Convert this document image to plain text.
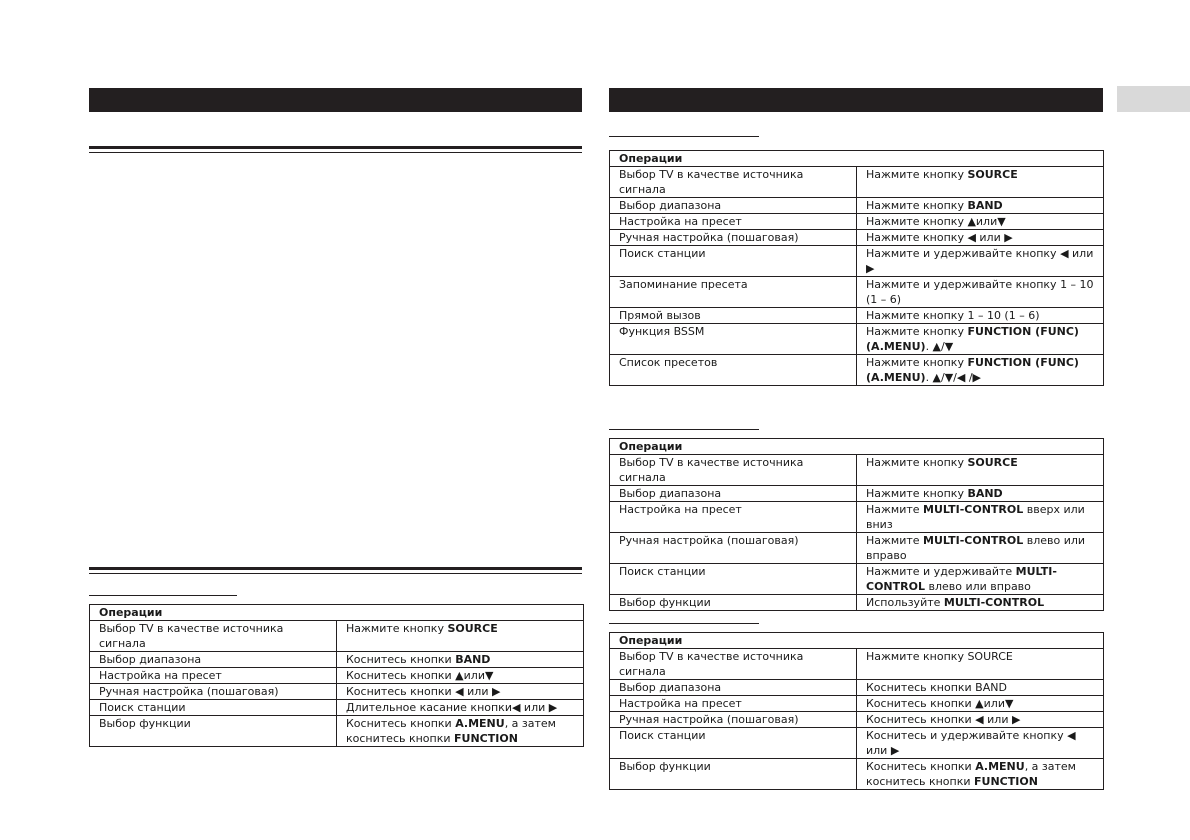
Операции	
Выбор TV в качестве источника сигнала	Нажмите кнопку SOURCE
Выбор диапазона	Коснитесь кнопки BAND
Настройка на пресет	Коснитесь кнопки ▲или▼
Ручная настройка (пошаговая)	Коснитесь кнопки ◀ или ▶
Поиск станции	Длительное касание кнопки◀ или ▶
Выбор функции	Коснитесь кнопки A.MENU, а затем коснитесь кнопки FUNCTION
Операции	
Выбор TV в качестве источника сигнала	Нажмите кнопку SOURCE
Выбор диапазона	Нажмите кнопку BAND
Настройка на пресет	Нажмите кнопку ▲или▼
Ручная настройка (пошаговая)	Нажмите кнопку ◀ или ▶
Поиск станции	Нажмите и удерживайте кнопку ◀ или ▶
Запоминание пресета	Нажмите и удерживайте кнопку 1 – 10 (1 – 6)
Прямой вызов	Нажмите кнопку 1 – 10 (1 – 6)
Функция BSSM	Нажмите кнопку FUNCTION (FUNC) (A.MENU). ▲/▼
Список пресетов	Нажмите кнопку FUNCTION (FUNC) (A.MENU). ▲/▼/◀ /▶
Операции	
Выбор TV в качестве источника сигнала	Нажмите кнопку SOURCE
Выбор диапазона	Нажмите кнопку BAND
Настройка на пресет	Нажмите MULTI-CONTROL вверх или вниз
Ручная настройка (пошаговая)	Нажмите MULTI-CONTROL влево или вправо
Поиск станции	Нажмите и удерживайте MULTI-CONTROL влево или вправо
Выбор функции	Используйте MULTI-CONTROL
Операции	
Выбор TV в качестве источника сигнала	Нажмите кнопку SOURCE
Выбор диапазона	Коснитесь кнопки BAND
Настройка на пресет	Коснитесь кнопки ▲или▼
Ручная настройка (пошаговая)	Коснитесь кнопки ◀ или ▶
Поиск станции	Коснитесь и удерживайте кнопку ◀ или ▶
Выбор функции	Коснитесь кнопки A.MENU, а затем коснитесь кнопки FUNCTION
